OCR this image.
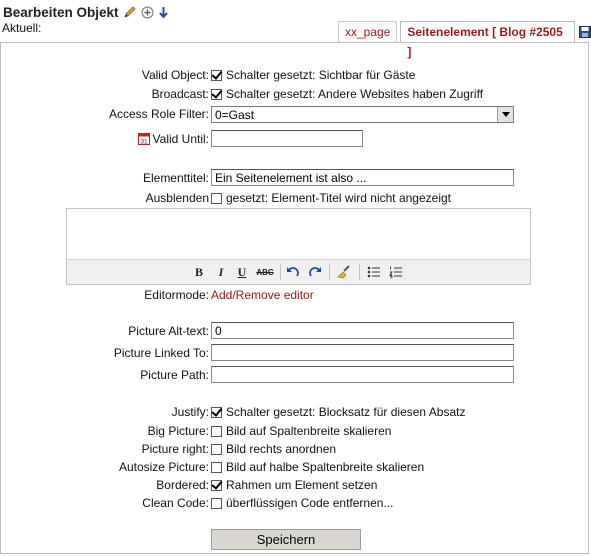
Bearbeiten Objekt
Aktuell:	xx_page	Seitenelement [ Blog #2505 ]
Valid Object: Schalter gesetzt: Sichtbar für Gäste
Broadcast: Schalter gesetzt: Andere Websites haben Zugriff
Access Role Filter: 0=Gast
31 Valid Until:
Elementtitel:
Ein Seitenelement ist also ...
Ausblenden gesetzt: Element-Titel wird nicht angezeigt
B	I	U	ABC
Editormode: Add/Remove editor
Picture Alt-text:
0
Picture Linked To:
Picture Path:
Justify: Schalter gesetzt: Blocksatz für diesen Absatz
Big Picture: Bild auf Spaltenbreite skalieren
Picture right: Bild rechts anordnen
Autosize Picture: Bild auf halbe Spaltenbreite skalieren
Bordered: Rahmen um Element setzen
Clean Code: überflüssigen Code entfernen...
Speichern
